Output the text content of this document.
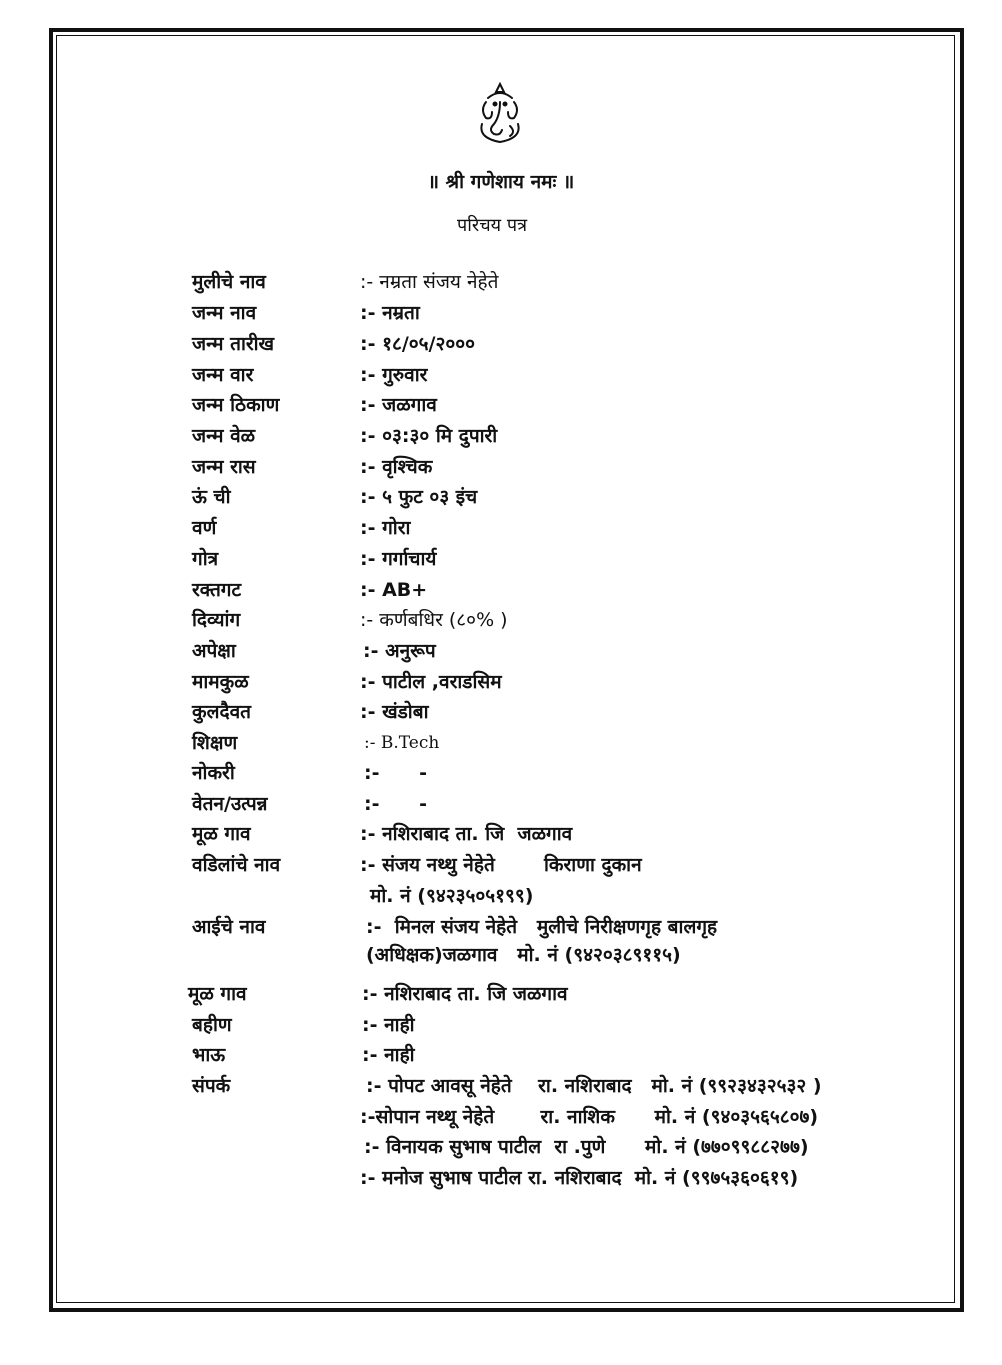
॥ श्री गणेशाय नमः ॥
परिचय पत्र
मुलीचे नाव	:- नम्रता संजय नेहेते
जन्म नाव	:- नम्रता
जन्म तारीख	:- १८/०५/२०००
जन्म वार	:- गुरुवार
जन्म ठिकाण	:- जळगाव
जन्म वेळ	:- ०३:३० मि दुपारी
जन्म रास	:- वृश्चिक
ऊं ची	:- ५ फुट ०३ इंच
वर्ण	:- गोरा
गोत्र	:- गर्गाचार्य
रक्तगट	:- AB+
दिव्यांग	:- कर्णबधिर (८०% )
अपेक्षा	:- अनुरूप
मामकुळ	:- पाटील ,वराडसिम
कुलदैवत	:- खंडोबा
शिक्षण	:- B.Tech
नोकरी	:-      -
वेतन/उत्पन्न	:-      -
मूळ गाव	:- नशिराबाद ता. जि  जळगाव
वडिलांचे नाव	:- संजय नथ्थु नेहेते	किराणा दुकान
मो. नं (९४२३५०५१९९)
आईचे नाव	:-  मिनल संजय नेहेते   मुलीचे निरीक्षणगृह बालगृह
(अधिक्षक)जळगाव   मो. नं (९४२०३८९११५)
मूळ गाव	:- नशिराबाद ता. जि जळगाव
बहीण	:- नाही
भाऊ	:- नाही
संपर्क	:- पोपट आवसू नेहेते    रा. नशिराबाद   मो. नं (९९२३४३२५३२ )
:-सोपान नथ्थू नेहेते       रा. नाशिक      मो. नं (९४०३५६५८०७)
:- विनायक सुभाष पाटील  रा .पुणे      मो. नं (७७०९९८८२७७)
:- मनोज सुभाष पाटील रा. नशिराबाद  मो. नं (९९७५३६०६१९)
